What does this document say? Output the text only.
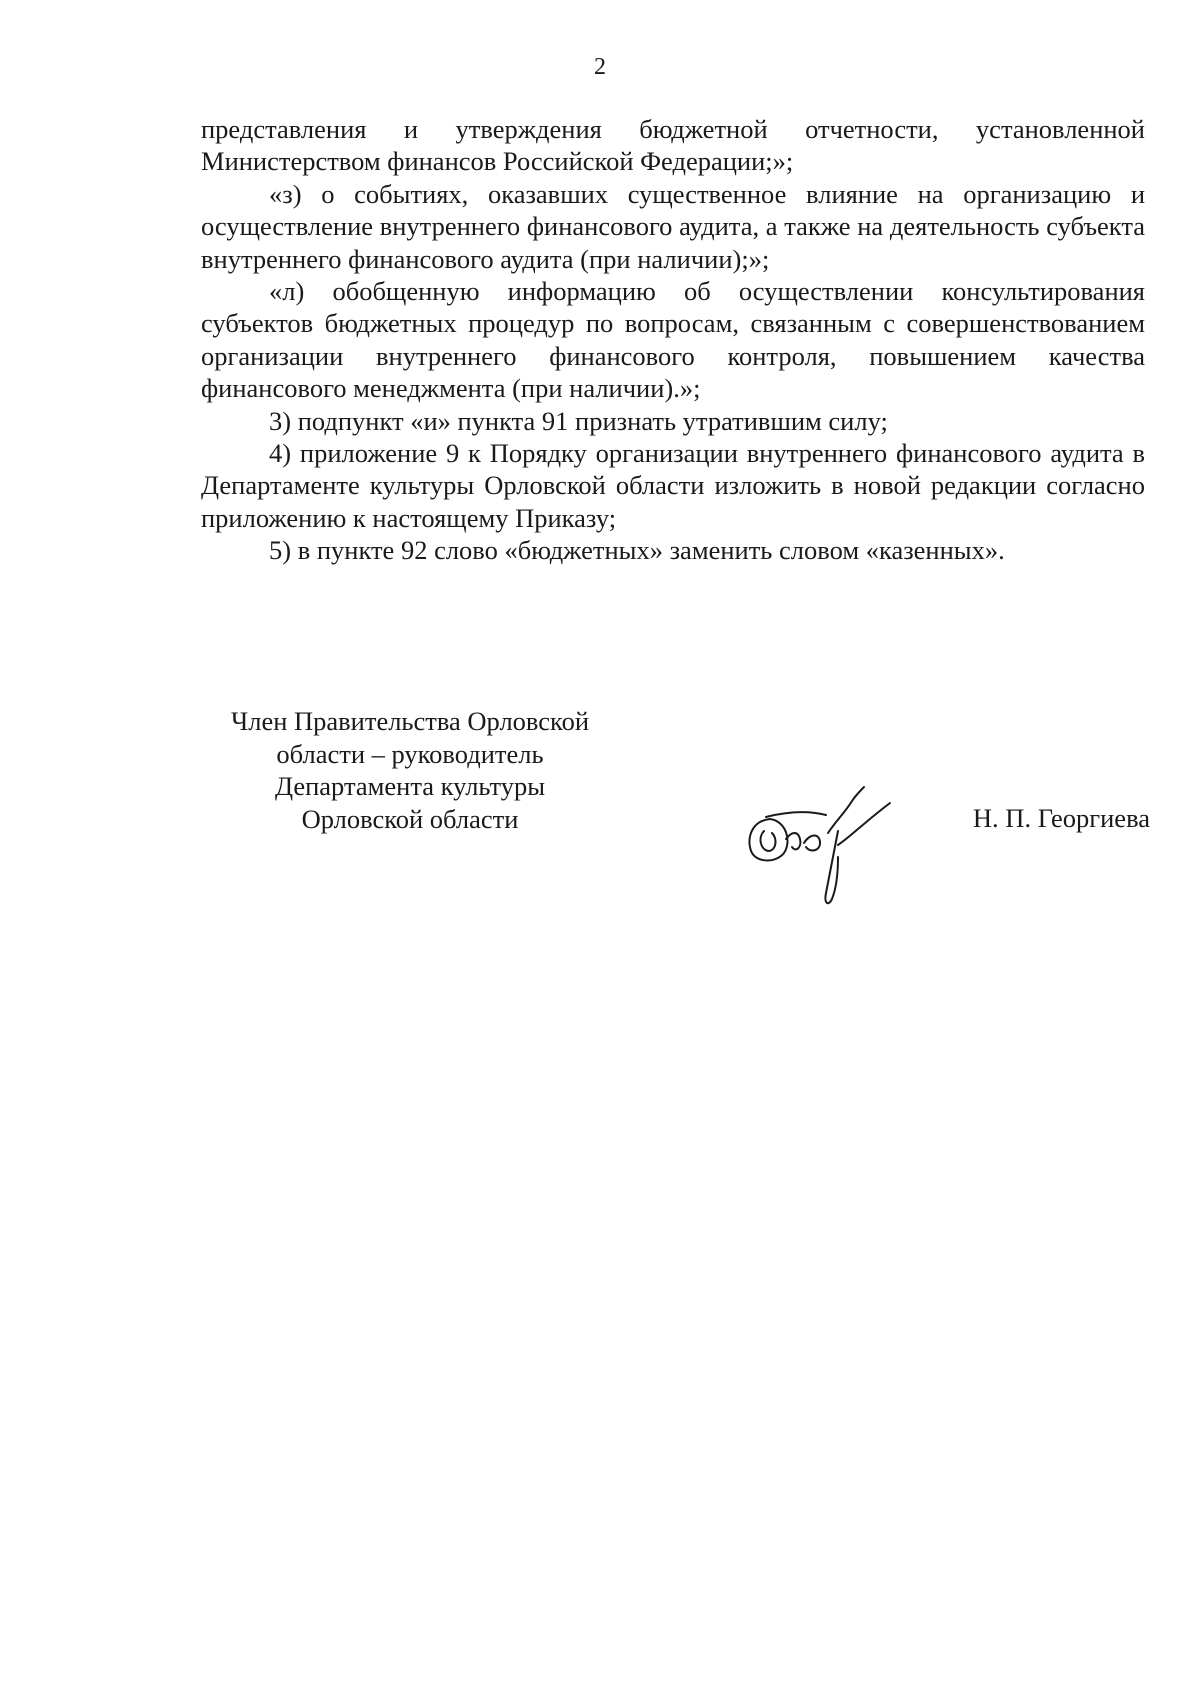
2

представления и утверждения бюджетной отчетности, установленной Министерством финансов Российской Федерации;»;

«з) о событиях, оказавших существенное влияние на организацию и осуществление внутреннего финансового аудита, а также на деятельность субъекта внутреннего финансового аудита (при наличии);»;

«л) обобщенную информацию об осуществлении консультирования субъектов бюджетных процедур по вопросам, связанным с совершенствованием организации внутреннего финансового контроля, повышением качества финансового менеджмента (при наличии).»;

3) подпункт «и» пункта 91 признать утратившим силу;

4) приложение 9 к Порядку организации внутреннего финансового аудита в Департаменте культуры Орловской области изложить в новой редакции согласно приложению к настоящему Приказу;

5) в пункте 92 слово «бюджетных» заменить словом «казенных».

Член Правительства Орловской
области – руководитель
Департамента культуры
Орловской области	Н. П. Георгиева
